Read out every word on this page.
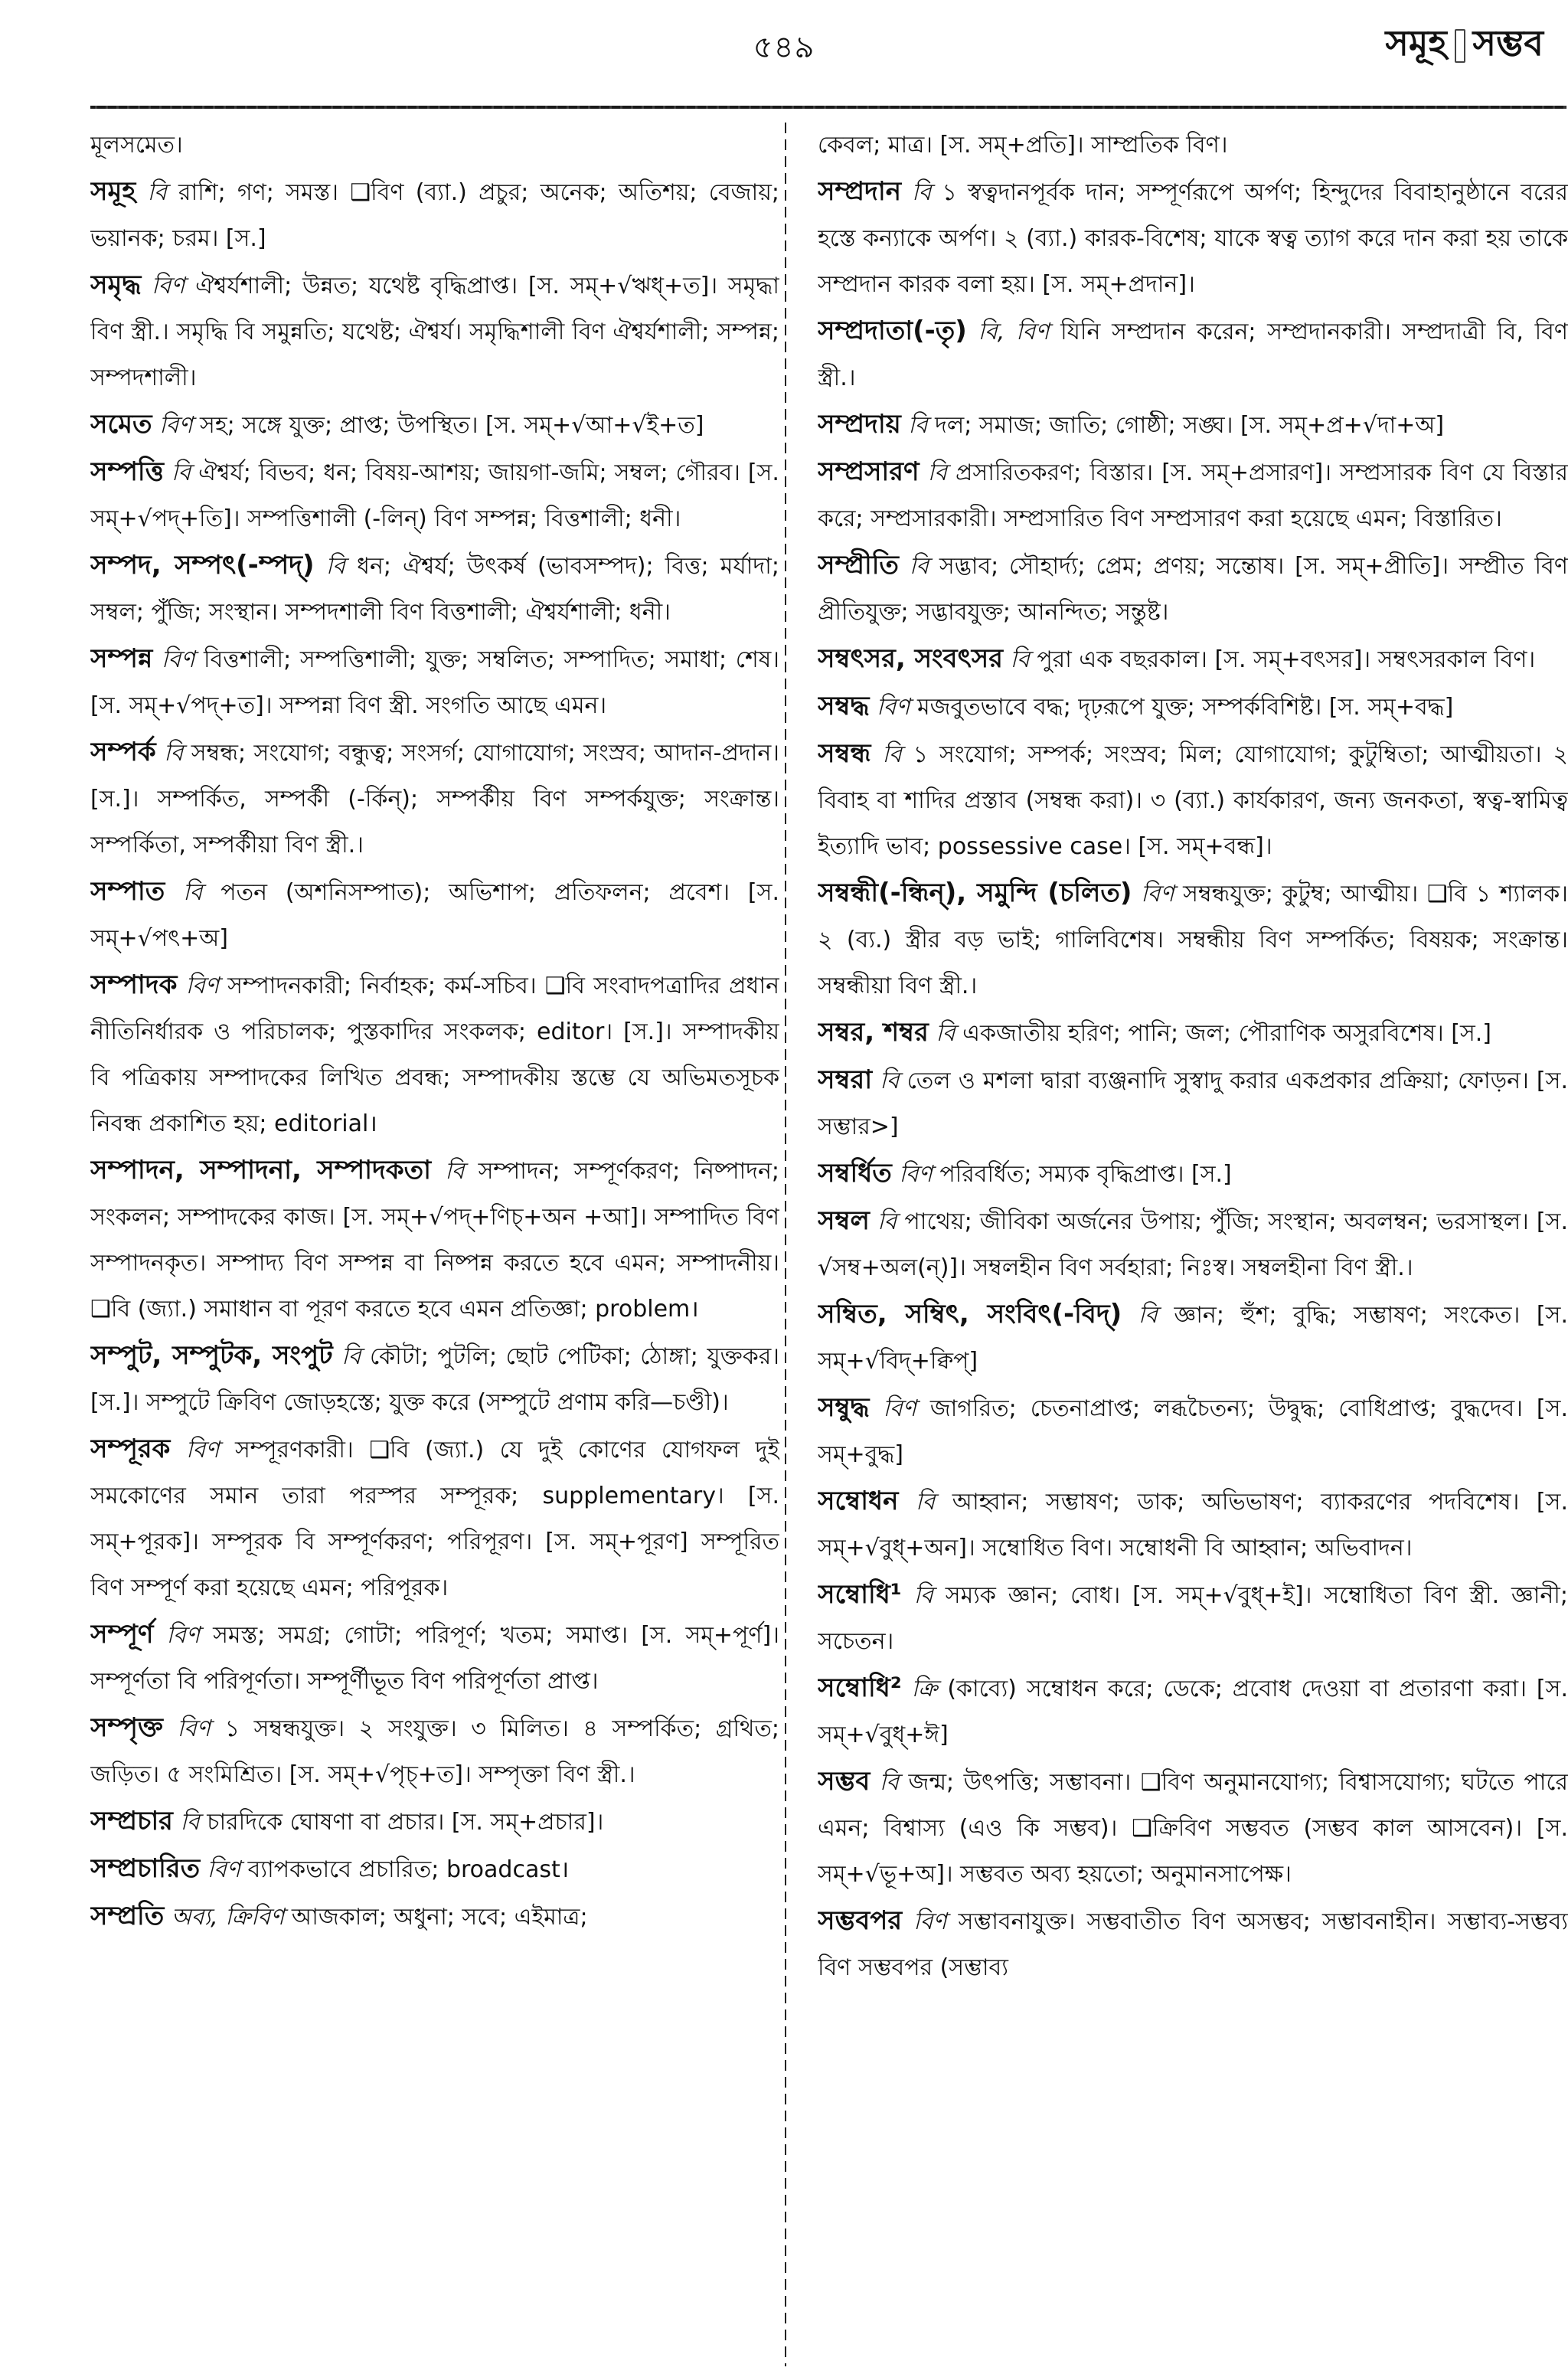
৫৪৯	সমূহ সম্ভব

মূলসমেত।

সমূহ বি রাশি; গণ; সমস্ত। ❑বিণ (ব্যা.) প্রচুর; অনেক; অতিশয়; বেজায়; ভয়ানক; চরম। [স.]

সমৃদ্ধ বিণ ঐশ্বর্যশালী; উন্নত; যথেষ্ট বৃদ্ধিপ্রাপ্ত। [স. সম্+√ঋধ্+ত]। সমৃদ্ধা বিণ স্ত্রী.। সমৃদ্ধি বি সমুন্নতি; যথেষ্ট; ঐশ্বর্য। সমৃদ্ধিশালী বিণ ঐশ্বর্যশালী; সম্পন্ন; সম্পদশালী।

সমেত বিণ সহ; সঙ্গে যুক্ত; প্রাপ্ত; উপস্থিত। [স. সম্+√আ+√ই+ত]

সম্পত্তি বি ঐশ্বর্য; বিভব; ধন; বিষয়-আশয়; জায়গা-জমি; সম্বল; গৌরব। [স. সম্+√পদ্+তি]। সম্পত্তিশালী (-লিন্) বিণ সম্পন্ন; বিত্তশালী; ধনী।

সম্পদ, সম্পৎ(-ম্পদ্) বি ধন; ঐশ্বর্য; উৎকর্ষ (ভাবসম্পদ); বিত্ত; মর্যাদা; সম্বল; পুঁজি; সংস্থান। সম্পদশালী বিণ বিত্তশালী; ঐশ্বর্যশালী; ধনী।

সম্পন্ন বিণ বিত্তশালী; সম্পত্তিশালী; যুক্ত; সম্বলিত; সম্পাদিত; সমাধা; শেষ। [স. সম্+√পদ্+ত]। সম্পন্না বিণ স্ত্রী. সংগতি আছে এমন।

সম্পর্ক বি সম্বন্ধ; সংযোগ; বন্ধুত্ব; সংসর্গ; যোগাযোগ; সংস্রব; আদান-প্রদান। [স.]। সম্পর্কিত, সম্পর্কী (-র্কিন্); সম্পর্কীয় বিণ সম্পর্কযুক্ত; সংক্রান্ত। সম্পর্কিতা, সম্পর্কীয়া বিণ স্ত্রী.।

সম্পাত বি পতন (অশনিসম্পাত); অভিশাপ; প্রতিফলন; প্রবেশ। [স. সম্+√পৎ+অ]

সম্পাদক বিণ সম্পাদনকারী; নির্বাহক; কর্ম-সচিব। ❑বি সংবাদপত্রাদির প্রধান নীতিনির্ধারক ও পরিচালক; পুস্তকাদির সংকলক; editor। [স.]। সম্পাদকীয় বি পত্রিকায় সম্পাদকের লিখিত প্রবন্ধ; সম্পাদকীয় স্তম্ভে যে অভিমতসূচক নিবন্ধ প্রকাশিত হয়; editorial।

সম্পাদন, সম্পাদনা, সম্পাদকতা বি সম্পাদন; সম্পূর্ণকরণ; নিষ্পাদন; সংকলন; সম্পাদকের কাজ। [স. সম্+√পদ্+ণিচ্+অন +আ]। সম্পাদিত বিণ সম্পাদনকৃত। সম্পাদ্য বিণ সম্পন্ন বা নিষ্পন্ন করতে হবে এমন; সম্পাদনীয়। ❑বি (জ্যা.) সমাধান বা পূরণ করতে হবে এমন প্রতিজ্ঞা; problem।

সম্পুট, সম্পুটক, সংপুট বি কৌটা; পুটলি; ছোট পেটিকা; ঠোঙ্গা; যুক্তকর। [স.]। সম্পুটে ক্রিবিণ জোড়হস্তে; যুক্ত করে (সম্পুটে প্রণাম করি—চণ্ডী)।

সম্পূরক বিণ সম্পূরণকারী। ❑বি (জ্যা.) যে দুই কোণের যোগফল দুই সমকোণের সমান তারা পরস্পর সম্পূরক; supplementary। [স. সম্+পূরক]। সম্পূরক বি সম্পূর্ণকরণ; পরিপূরণ। [স. সম্+পূরণ] সম্পূরিত বিণ সম্পূর্ণ করা হয়েছে এমন; পরিপূরক।

সম্পূর্ণ বিণ সমস্ত; সমগ্র; গোটা; পরিপূর্ণ; খতম; সমাপ্ত। [স. সম্+পূর্ণ]। সম্পূর্ণতা বি পরিপূর্ণতা। সম্পূর্ণীভূত বিণ পরিপূর্ণতা প্রাপ্ত।

সম্পৃক্ত বিণ ১ সম্বন্ধযুক্ত। ২ সংযুক্ত। ৩ মিলিত। ৪ সম্পর্কিত; গ্রথিত; জড়িত। ৫ সংমিশ্রিত। [স. সম্+√পৃচ্+ত]। সম্পৃক্তা বিণ স্ত্রী.।

সম্প্রচার বি চারদিকে ঘোষণা বা প্রচার। [স. সম্+প্রচার]।

সম্প্রচারিত বিণ ব্যাপকভাবে প্রচারিত; broadcast।

সম্প্রতি অব্য, ক্রিবিণ আজকাল; অধুনা; সবে; এইমাত্র;

কেবল; মাত্র। [স. সম্+প্রতি]। সাম্প্রতিক বিণ।

সম্প্রদান বি ১ স্বত্বদানপূর্বক দান; সম্পূর্ণরূপে অর্পণ; হিন্দুদের বিবাহানুষ্ঠানে বরের হস্তে কন্যাকে অর্পণ। ২ (ব্যা.) কারক-বিশেষ; যাকে স্বত্ব ত্যাগ করে দান করা হয় তাকে সম্প্রদান কারক বলা হয়। [স. সম্+প্রদান]।

সম্প্রদাতা(-তৃ) বি, বিণ যিনি সম্প্রদান করেন; সম্প্রদানকারী। সম্প্রদাত্রী বি, বিণ স্ত্রী.।

সম্প্রদায় বি দল; সমাজ; জাতি; গোষ্ঠী; সঙ্ঘ। [স. সম্+প্র+√দা+অ]

সম্প্রসারণ বি প্রসারিতকরণ; বিস্তার। [স. সম্+প্রসারণ]। সম্প্রসারক বিণ যে বিস্তার করে; সম্প্রসারকারী। সম্প্রসারিত বিণ সম্প্রসারণ করা হয়েছে এমন; বিস্তারিত।

সম্প্রীতি বি সদ্ভাব; সৌহার্দ্য; প্রেম; প্রণয়; সন্তোষ। [স. সম্+প্রীতি]। সম্প্রীত বিণ প্রীতিযুক্ত; সদ্ভাবযুক্ত; আনন্দিত; সন্তুষ্ট।

সম্বৎসর, সংবৎসর বি পুরা এক বছরকাল। [স. সম্+বৎসর]। সম্বৎসরকাল বিণ।

সম্বদ্ধ বিণ মজবুতভাবে বদ্ধ; দৃঢ়রূপে যুক্ত; সম্পর্কবিশিষ্ট। [স. সম্+বদ্ধ]

সম্বন্ধ বি ১ সংযোগ; সম্পর্ক; সংস্রব; মিল; যোগাযোগ; কুটুম্বিতা; আত্মীয়তা। ২ বিবাহ বা শাদির প্রস্তাব (সম্বন্ধ করা)। ৩ (ব্যা.) কার্যকারণ, জন্য জনকতা, স্বত্ব-স্বামিত্ব ইত্যাদি ভাব; possessive case। [স. সম্+বন্ধ]।

সম্বন্ধী(-ন্ধিন্), সমুন্দি (চলিত) বিণ সম্বন্ধযুক্ত; কুটুম্ব; আত্মীয়। ❑বি ১ শ্যালক। ২ (ব্য.) স্ত্রীর বড় ভাই; গালিবিশেষ। সম্বন্ধীয় বিণ সম্পর্কিত; বিষয়ক; সংক্রান্ত। সম্বন্ধীয়া বিণ স্ত্রী.।

সম্বর, শম্বর বি একজাতীয় হরিণ; পানি; জল; পৌরাণিক অসুরবিশেষ। [স.]

সম্বরা বি তেল ও মশলা দ্বারা ব্যঞ্জনাদি সুস্বাদু করার একপ্রকার প্রক্রিয়া; ফোড়ন। [স. সম্ভার>]

সম্বর্ধিত বিণ পরিবর্ধিত; সম্যক বৃদ্ধিপ্রাপ্ত। [স.]

সম্বল বি পাথেয়; জীবিকা অর্জনের উপায়; পুঁজি; সংস্থান; অবলম্বন; ভরসাস্থল। [স. √সম্ব+অল(ন্)]। সম্বলহীন বিণ সর্বহারা; নিঃস্ব। সম্বলহীনা বিণ স্ত্রী.।

সম্বিত, সম্বিৎ, সংবিৎ(-বিদ্) বি জ্ঞান; হুঁশ; বুদ্ধি; সম্ভাষণ; সংকেত। [স. সম্+√বিদ্+ক্বিপ্]

সম্বুদ্ধ বিণ জাগরিত; চেতনাপ্রাপ্ত; লব্ধচৈতন্য; উদ্বুদ্ধ; বোধিপ্রাপ্ত; বুদ্ধদেব। [স. সম্+বুদ্ধ]

সম্বোধন বি আহ্বান; সম্ভাষণ; ডাক; অভিভাষণ; ব্যাকরণের পদবিশেষ। [স. সম্+√বুধ্+অন]। সম্বোধিত বিণ। সম্বোধনী বি আহ্বান; অভিবাদন।

সম্বোধি¹ বি সম্যক জ্ঞান; বোধ। [স. সম্+√বুধ্+ই]। সম্বোধিতা বিণ স্ত্রী. জ্ঞানী; সচেতন।

সম্বোধি² ক্রি (কাব্যে) সম্বোধন করে; ডেকে; প্রবোধ দেওয়া বা প্রতারণা করা। [স. সম্+√বুধ্+ঈ]

সম্ভব বি জন্ম; উৎপত্তি; সম্ভাবনা। ❑বিণ অনুমানযোগ্য; বিশ্বাসযোগ্য; ঘটতে পারে এমন; বিশ্বাস্য (এও কি সম্ভব)। ❑ক্রিবিণ সম্ভবত (সম্ভব কাল আসবেন)। [স. সম্+√ভূ+অ]। সম্ভবত অব্য হয়তো; অনুমানসাপেক্ষ।

সম্ভবপর বিণ সম্ভাবনাযুক্ত। সম্ভবাতীত বিণ অসম্ভব; সম্ভাবনাহীন। সম্ভাব্য-সম্ভব্য বিণ সম্ভবপর (সম্ভাব্য
